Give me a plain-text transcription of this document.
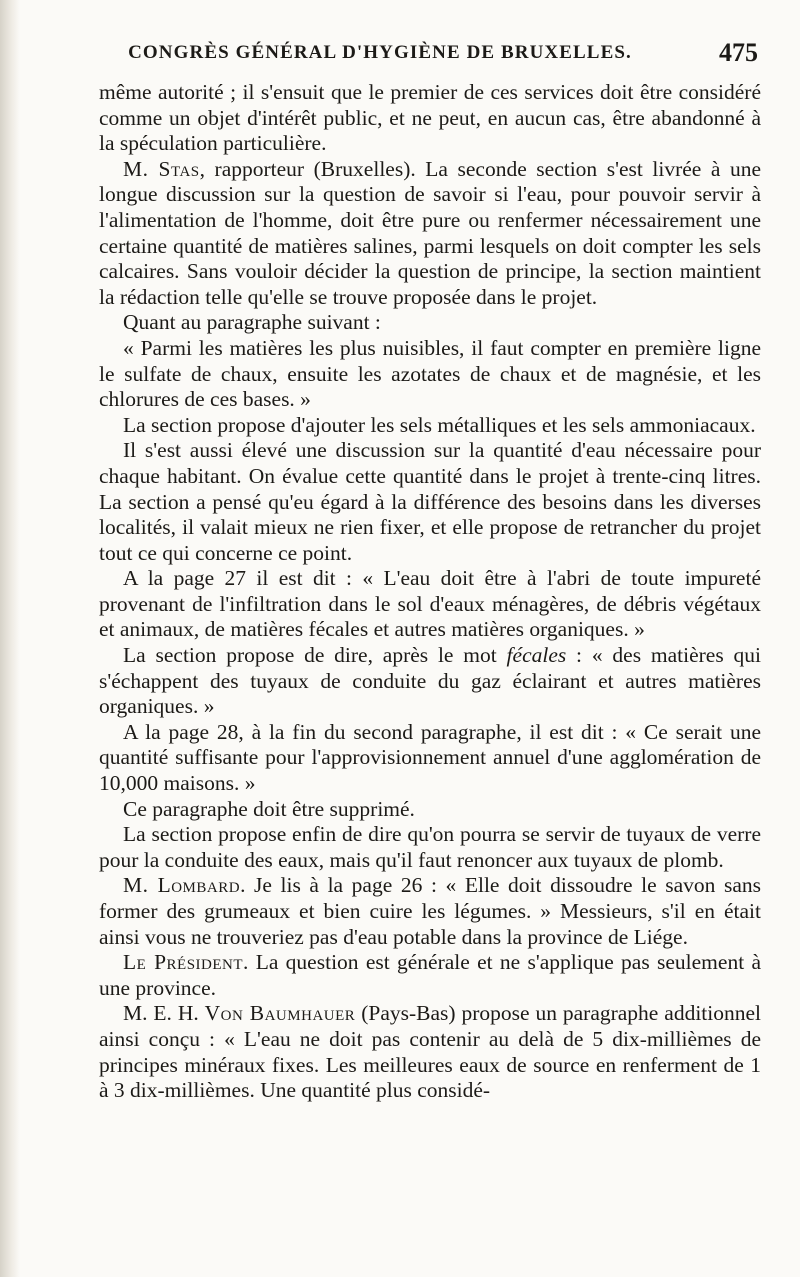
CONGRÈS GÉNÉRAL D'HYGIÈNE DE BRUXELLES.	475

même autorité ; il s'ensuit que le premier de ces services doit être considéré comme un objet d'intérêt public, et ne peut, en aucun cas, être abandonné à la spéculation particulière.

M. Stas, rapporteur (Bruxelles). La seconde section s'est livrée à une longue discussion sur la question de savoir si l'eau, pour pouvoir servir à l'alimentation de l'homme, doit être pure ou renfermer nécessairement une certaine quantité de matières salines, parmi lesquels on doit compter les sels calcaires. Sans vouloir décider la question de principe, la section maintient la rédaction telle qu'elle se trouve proposée dans le projet.

Quant au paragraphe suivant :

« Parmi les matières les plus nuisibles, il faut compter en première ligne le sulfate de chaux, ensuite les azotates de chaux et de magnésie, et les chlorures de ces bases. »

La section propose d'ajouter les sels métalliques et les sels ammoniacaux.

Il s'est aussi élevé une discussion sur la quantité d'eau nécessaire pour chaque habitant. On évalue cette quantité dans le projet à trente-cinq litres. La section a pensé qu'eu égard à la différence des besoins dans les diverses localités, il valait mieux ne rien fixer, et elle propose de retrancher du projet tout ce qui concerne ce point.

A la page 27 il est dit : « L'eau doit être à l'abri de toute impureté provenant de l'infiltration dans le sol d'eaux ménagères, de débris végétaux et animaux, de matières fécales et autres matières organiques. »

La section propose de dire, après le mot fécales : « des matières qui s'échappent des tuyaux de conduite du gaz éclairant et autres matières organiques. »

A la page 28, à la fin du second paragraphe, il est dit : « Ce serait une quantité suffisante pour l'approvisionnement annuel d'une agglomération de 10,000 maisons. »

Ce paragraphe doit être supprimé.

La section propose enfin de dire qu'on pourra se servir de tuyaux de verre pour la conduite des eaux, mais qu'il faut renoncer aux tuyaux de plomb.

M. Lombard. Je lis à la page 26 : « Elle doit dissoudre le savon sans former des grumeaux et bien cuire les légumes. » Messieurs, s'il en était ainsi vous ne trouveriez pas d'eau potable dans la province de Liége.

Le Président. La question est générale et ne s'applique pas seulement à une province.

M. E. H. Von Baumhauer (Pays-Bas) propose un paragraphe additionnel ainsi conçu : « L'eau ne doit pas contenir au delà de 5 dix-millièmes de principes minéraux fixes. Les meilleures eaux de source en renferment de 1 à 3 dix-millièmes. Une quantité plus considé-
